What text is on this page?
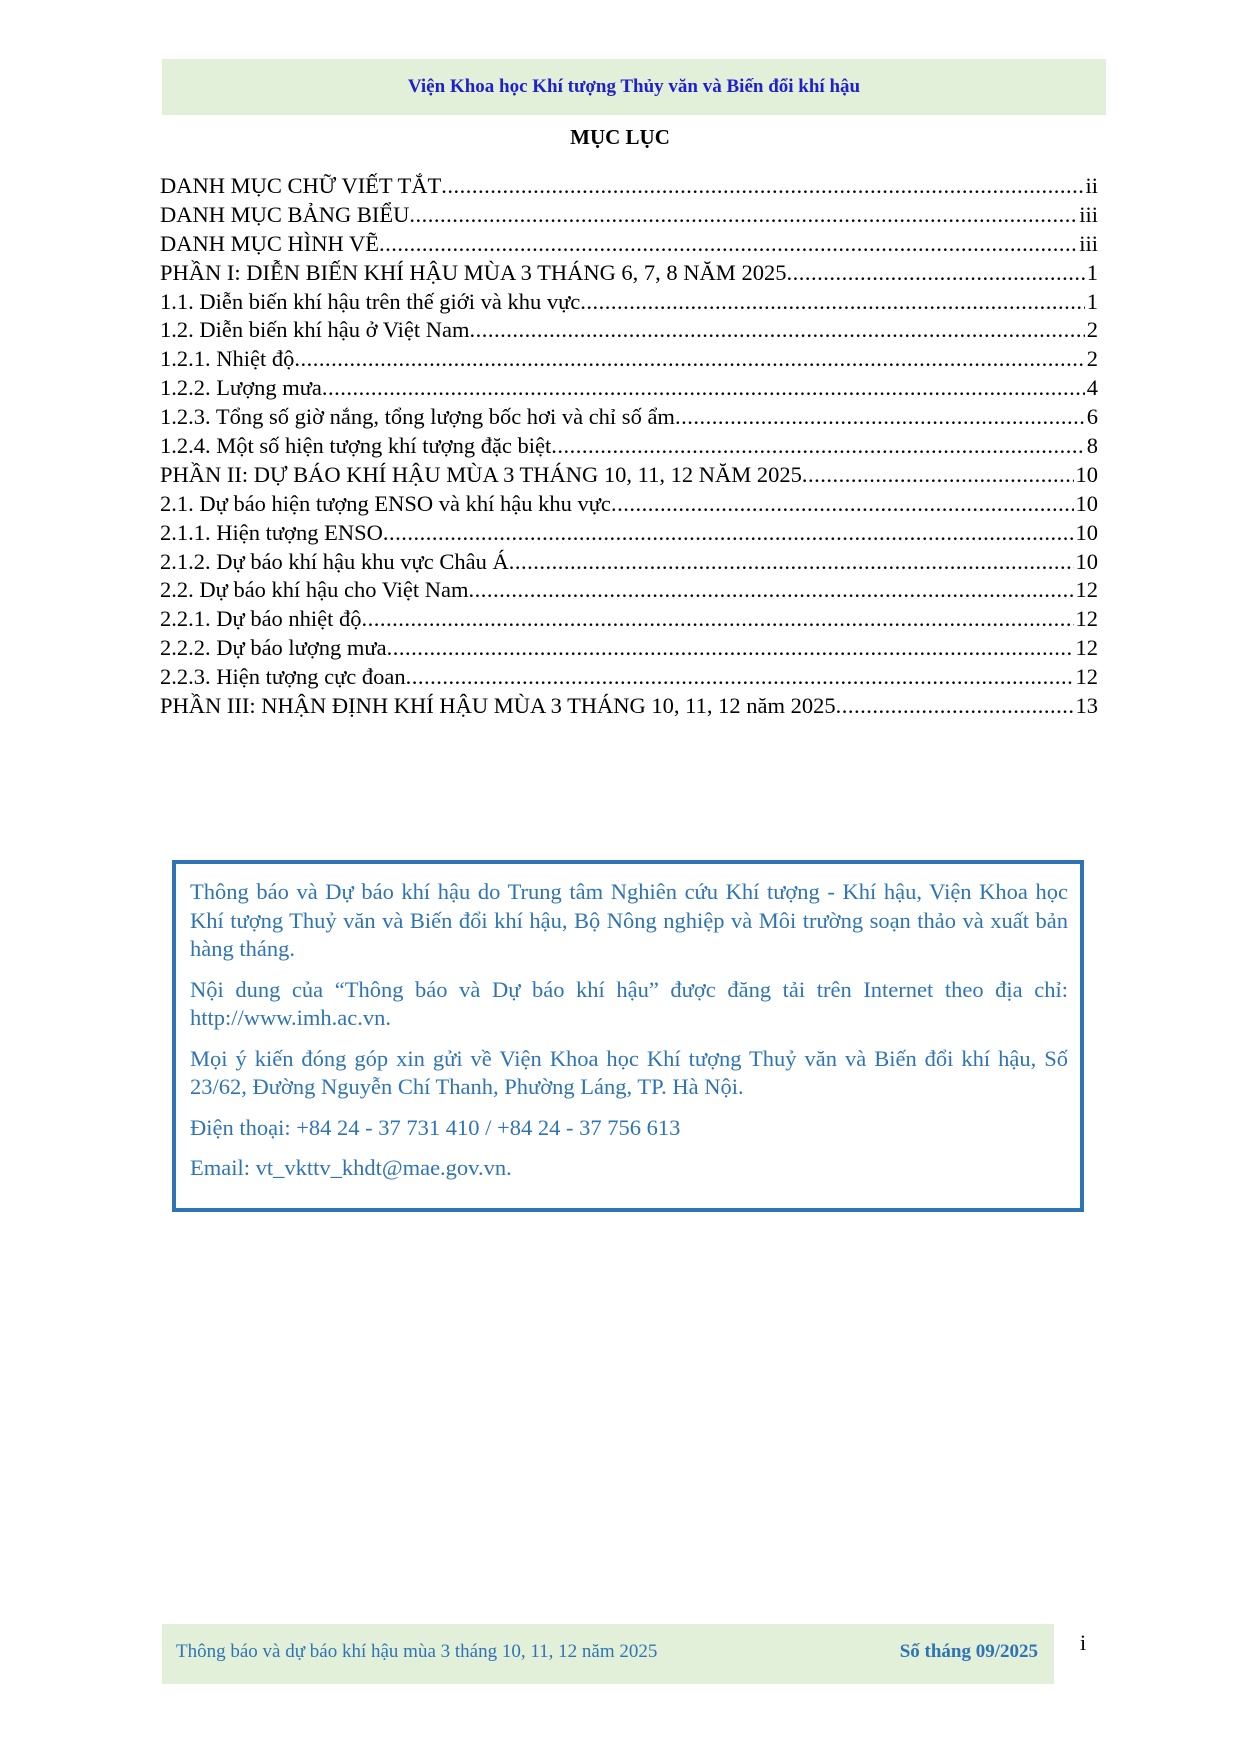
Viện Khoa học Khí tượng Thủy văn và Biến đổi khí hậu
MỤC LỤC
DANH MỤC CHỮ VIẾT TẮT .....	ii
DANH MỤC BẢNG BIỂU .....	iii
DANH MỤC HÌNH VẼ .....	iii
PHẦN I: DIỄN BIẾN KHÍ HẬU MÙA 3 THÁNG 6, 7, 8 NĂM 2025 .....	1
1.1. Diễn biến khí hậu trên thế giới và khu vực .....	1
1.2. Diễn biến khí hậu ở Việt Nam .....	2
1.2.1. Nhiệt độ .....	2
1.2.2. Lượng mưa .....	4
1.2.3. Tổng số giờ nắng, tổng lượng bốc hơi và chỉ số ẩm .....	6
1.2.4. Một số hiện tượng khí tượng đặc biệt .....	8
PHẦN II: DỰ BÁO KHÍ HẬU MÙA 3 THÁNG 10, 11, 12 NĂM 2025 .....	10
2.1. Dự báo hiện tượng ENSO và khí hậu khu vực .....	10
2.1.1. Hiện tượng ENSO .....	10
2.1.2. Dự báo khí hậu khu vực Châu Á .....	10
2.2. Dự báo khí hậu cho Việt Nam .....	12
2.2.1. Dự báo nhiệt độ .....	12
2.2.2. Dự báo lượng mưa .....	12
2.2.3. Hiện tượng cực đoan .....	12
PHẦN III: NHẬN ĐỊNH KHÍ HẬU MÙA 3 THÁNG 10, 11, 12 năm 2025 .....	13

Thông báo và Dự báo khí hậu do Trung tâm Nghiên cứu Khí tượng - Khí hậu, Viện Khoa học Khí tượng Thuỷ văn và Biến đổi khí hậu, Bộ Nông nghiệp và Môi trường soạn thảo và xuất bản hàng tháng.

Nội dung của “Thông báo và Dự báo khí hậu” được đăng tải trên Internet theo địa chỉ: http://www.imh.ac.vn.

Mọi ý kiến đóng góp xin gửi về Viện Khoa học Khí tượng Thuỷ văn và Biến đổi khí hậu, Số 23/62, Đường Nguyễn Chí Thanh, Phường Láng, TP. Hà Nội.

Điện thoại: +84 24 - 37 731 410 / +84 24 - 37 756 613

Email: vt_vkttv_khdt@mae.gov.vn.

Thông báo và dự báo khí hậu mùa 3 tháng 10, 11, 12 năm 2025	Số tháng 09/2025 i
